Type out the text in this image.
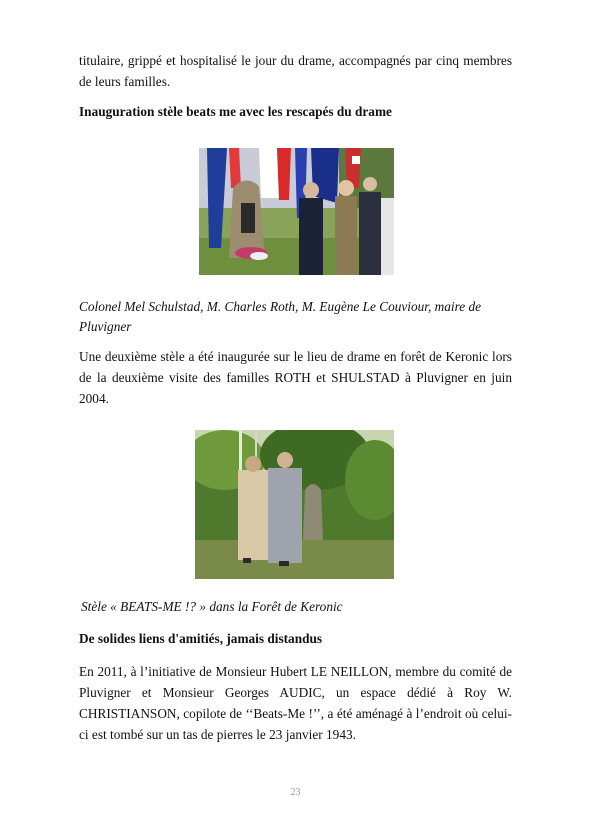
titulaire, grippé et hospitalisé le jour du drame, accompagnés par cinq membres de leurs familles.
Inauguration stèle beats me avec les rescapés du drame
Colonel Mel Schulstad, M. Charles Roth, M. Eugène Le Couviour, maire de Pluvigner
Une deuxième stèle a été inaugurée sur le lieu de drame en forêt de Keronic lors de la deuxième visite des familles ROTH et SHULSTAD à Pluvigner en juin 2004.
Stèle « BEATS-ME !? » dans la Forêt de Keronic
De solides liens d'amitiés, jamais distandus
En 2011, à l’initiative de Monsieur Hubert LE NEILLON, membre du comité de Pluvigner et Monsieur Georges AUDIC, un espace dédié à Roy W. CHRISTIANSON, copilote de ‘‘Beats-Me !’’, a été aménagé à l’endroit où celui-ci est tombé sur un tas de pierres le 23 janvier 1943.
23
